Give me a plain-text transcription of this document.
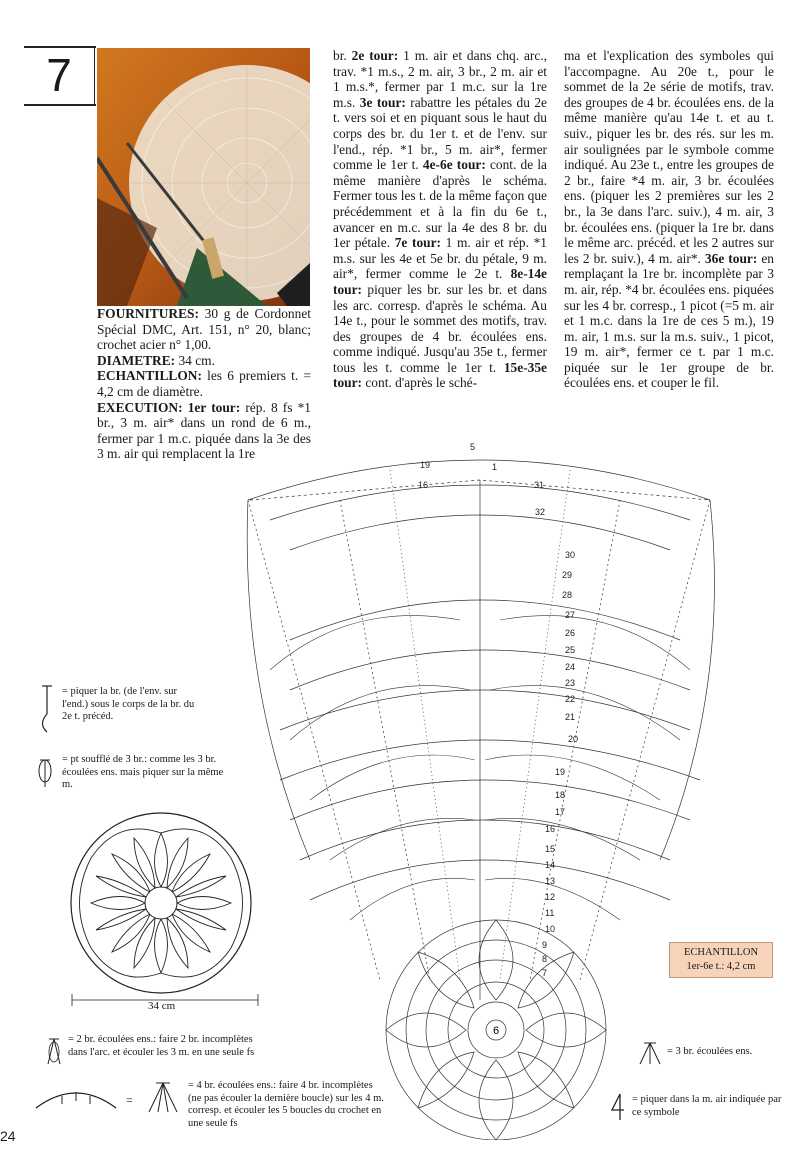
7

FOURNITURES: 30 g de Cordonnet Spécial DMC, Art. 151, n° 20, blanc; crochet acier n° 1,00.

DIAMETRE: 34 cm.

ECHANTILLON: les 6 premiers t. = 4,2 cm de diamètre.

EXECUTION: 1er tour: rép. 8 fs *1 br., 3 m. air* dans un rond de 6 m., fermer par 1 m.c. piquée dans la 3e des 3 m. air qui remplacent la 1re

br. 2e tour: 1 m. air et dans chq. arc., trav. *1 m.s., 2 m. air, 3 br., 2 m. air et 1 m.s.*, fermer par 1 m.c. sur la 1re m.s. 3e tour: rabattre les pétales du 2e t. vers soi et en piquant sous le haut du corps des br. du 1er t. et de l'env. sur l'end., rép. *1 br., 5 m. air*, fermer comme le 1er t. 4e-6e tour: cont. de la même manière d'après le schéma. Fermer tous les t. de la même façon que précédemment et à la fin du 6e t., avancer en m.c. sur la 4e des 8 br. du 1er pétale. 7e tour: 1 m. air et rép. *1 m.s. sur les 4e et 5e br. du pétale, 9 m. air*, fermer comme le 2e t. 8e-14e tour: piquer les br. sur les br. et dans les arc. corresp. d'après le schéma. Au 14e t., pour le sommet des motifs, trav. des groupes de 4 br. écoulées ens. comme indiqué. Jusqu'au 35e t., fermer tous les t. comme le 1er t. 15e-35e tour: cont. d'après le sché-

ma et l'explication des symboles qui l'accompagne. Au 20e t., pour le sommet de la 2e série de motifs, trav. des groupes de 4 br. écoulées ens. de la même manière qu'au 14e t. et au t. suiv., piquer les br. des rés. sur les m. air soulignées par le symbole comme indiqué. Au 23e t., entre les groupes de 2 br., faire *4 m. air, 3 br. écoulées ens. (piquer les 2 premières sur les 2 br., la 3e dans l'arc. suiv.), 4 m. air, 3 br. écoulées ens. (piquer la 1re br. dans le même arc. précéd. et les 2 autres sur les 2 br. suiv.), 4 m. air*. 36e tour: en remplaçant la 1re br. incomplète par 3 m. air, rép. *4 br. écoulées ens. piquées sur les 4 br. corresp., 1 picot (=5 m. air et 1 m.c. dans la 1re de ces 5 m.), 19 m. air, 1 m.s. sur la m.s. suiv., 1 picot, 19 m. air*, fermer ce t. par 1 m.c. piquée sur le 1er groupe de br. écoulées ens. et couper le fil.

6
5
19
16	31
32
30
29
28
27
26
25
24
23
22
21
20
19
18
17
16
15
14
13
12
11
10
9
8
7
1
= piquer la br. (de l'env. sur l'end.) sous le corps de la br. du 2e t. précéd.
= pt soufflé de 3 br.: comme les 3 br. écoulées ens. mais piquer sur la même m.
34 cm
= 2 br. écoulées ens.: faire 2 br. incomplètes dans l'arc. et écouler les 3 m. en une seule fs
=
= 4 br. écoulées ens.: faire 4 br. incomplètes (ne pas écouler la dernière boucle) sur les 4 m. corresp. et écouler les 5 boucles du crochet en une seule fs
ECHANTILLON
1er-6e t.: 4,2 cm
= 3 br. écoulées ens.
= piquer dans la m. air indiquée par ce symbole
24
